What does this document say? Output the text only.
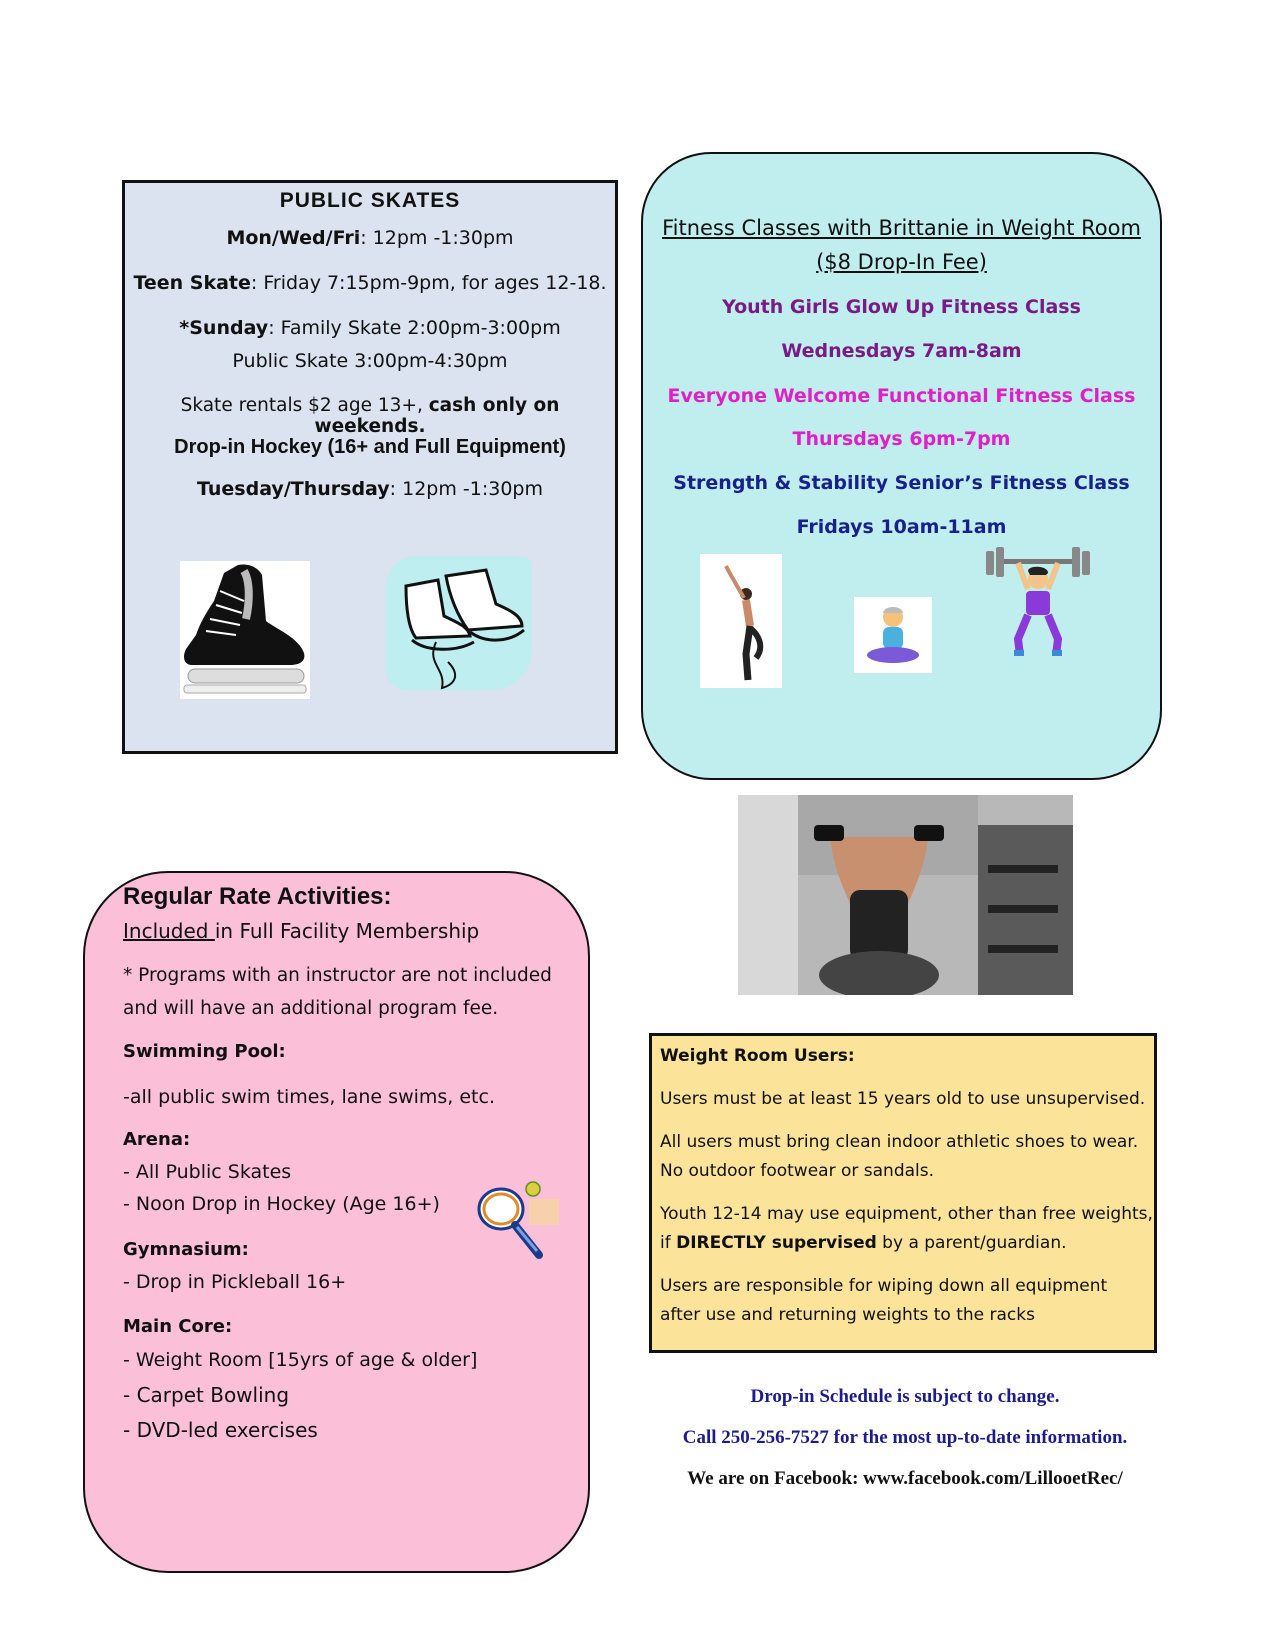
PUBLIC SKATES

Mon/Wed/Fri: 12pm -1:30pm

Teen Skate: Friday 7:15pm-9pm, for ages 12-18.

*Sunday: Family Skate 2:00pm-3:00pm

Public Skate 3:00pm-4:30pm

Skate rentals $2 age 13+, cash only on weekends.

Drop-in Hockey (16+ and Full Equipment)

Tuesday/Thursday: 12pm -1:30pm

Fitness Classes with Brittanie in Weight Room

($8 Drop-In Fee)

Youth Girls Glow Up Fitness Class

Wednesdays 7am-8am

Everyone Welcome Functional Fitness Class

Thursdays 6pm-7pm

Strength & Stability Senior’s Fitness Class

Fridays 10am-11am

Regular Rate Activities:

Included in Full Facility Membership

* Programs with an instructor are not included

and will have an additional program fee.

Swimming Pool:

-all public swim times, lane swims, etc.

Arena:

- All Public Skates

- Noon Drop in Hockey (Age 16+)

Gymnasium:

- Drop in Pickleball 16+

Main Core:

- Weight Room [15yrs of age & older]

- Carpet Bowling

- DVD-led exercises

Weight Room Users:

Users must be at least 15 years old to use unsupervised.

All users must bring clean indoor athletic shoes to wear.

No outdoor footwear or sandals.

Youth 12-14 may use equipment, other than free weights,

if DIRECTLY supervised by a parent/guardian.

Users are responsible for wiping down all equipment

after use and returning weights to the racks

Drop-in Schedule is subject to change.

Call 250-256-7527 for the most up-to-date information.

We are on Facebook: www.facebook.com/LillooetRec/
